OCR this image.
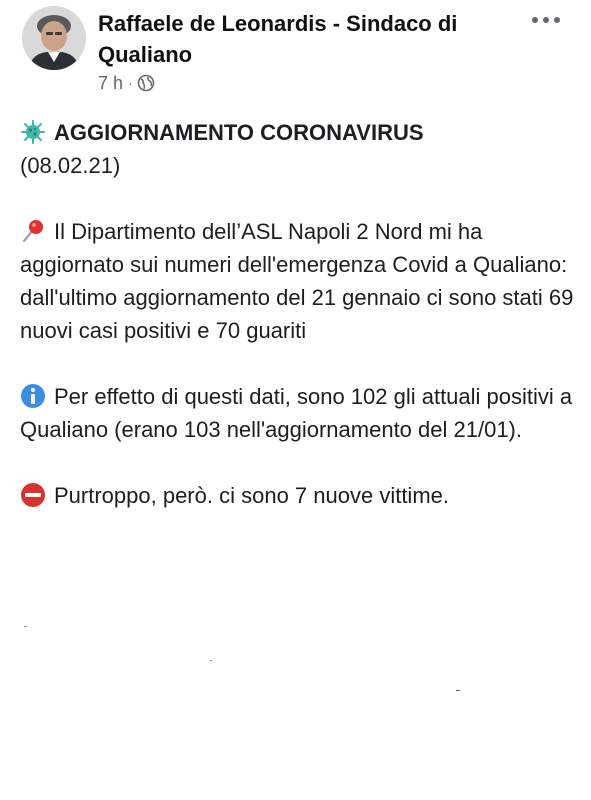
Raffaele de Leonardis - Sindaco di Qualiano
7 h ·
AGGIORNAMENTO CORONAVIRUS
(08.02.21)
Il Dipartimento dell’ASL Napoli 2 Nord mi ha aggiornato sui numeri dell'emergenza Covid a Qualiano: dall'ultimo aggiornamento del 21 gennaio ci sono stati 69 nuovi casi positivi e 70 guariti
Per effetto di questi dati, sono 102 gli attuali positivi a Qualiano (erano 103 nell'aggiornamento del 21/01).
Purtroppo, però. ci sono 7 nuove vittime.
